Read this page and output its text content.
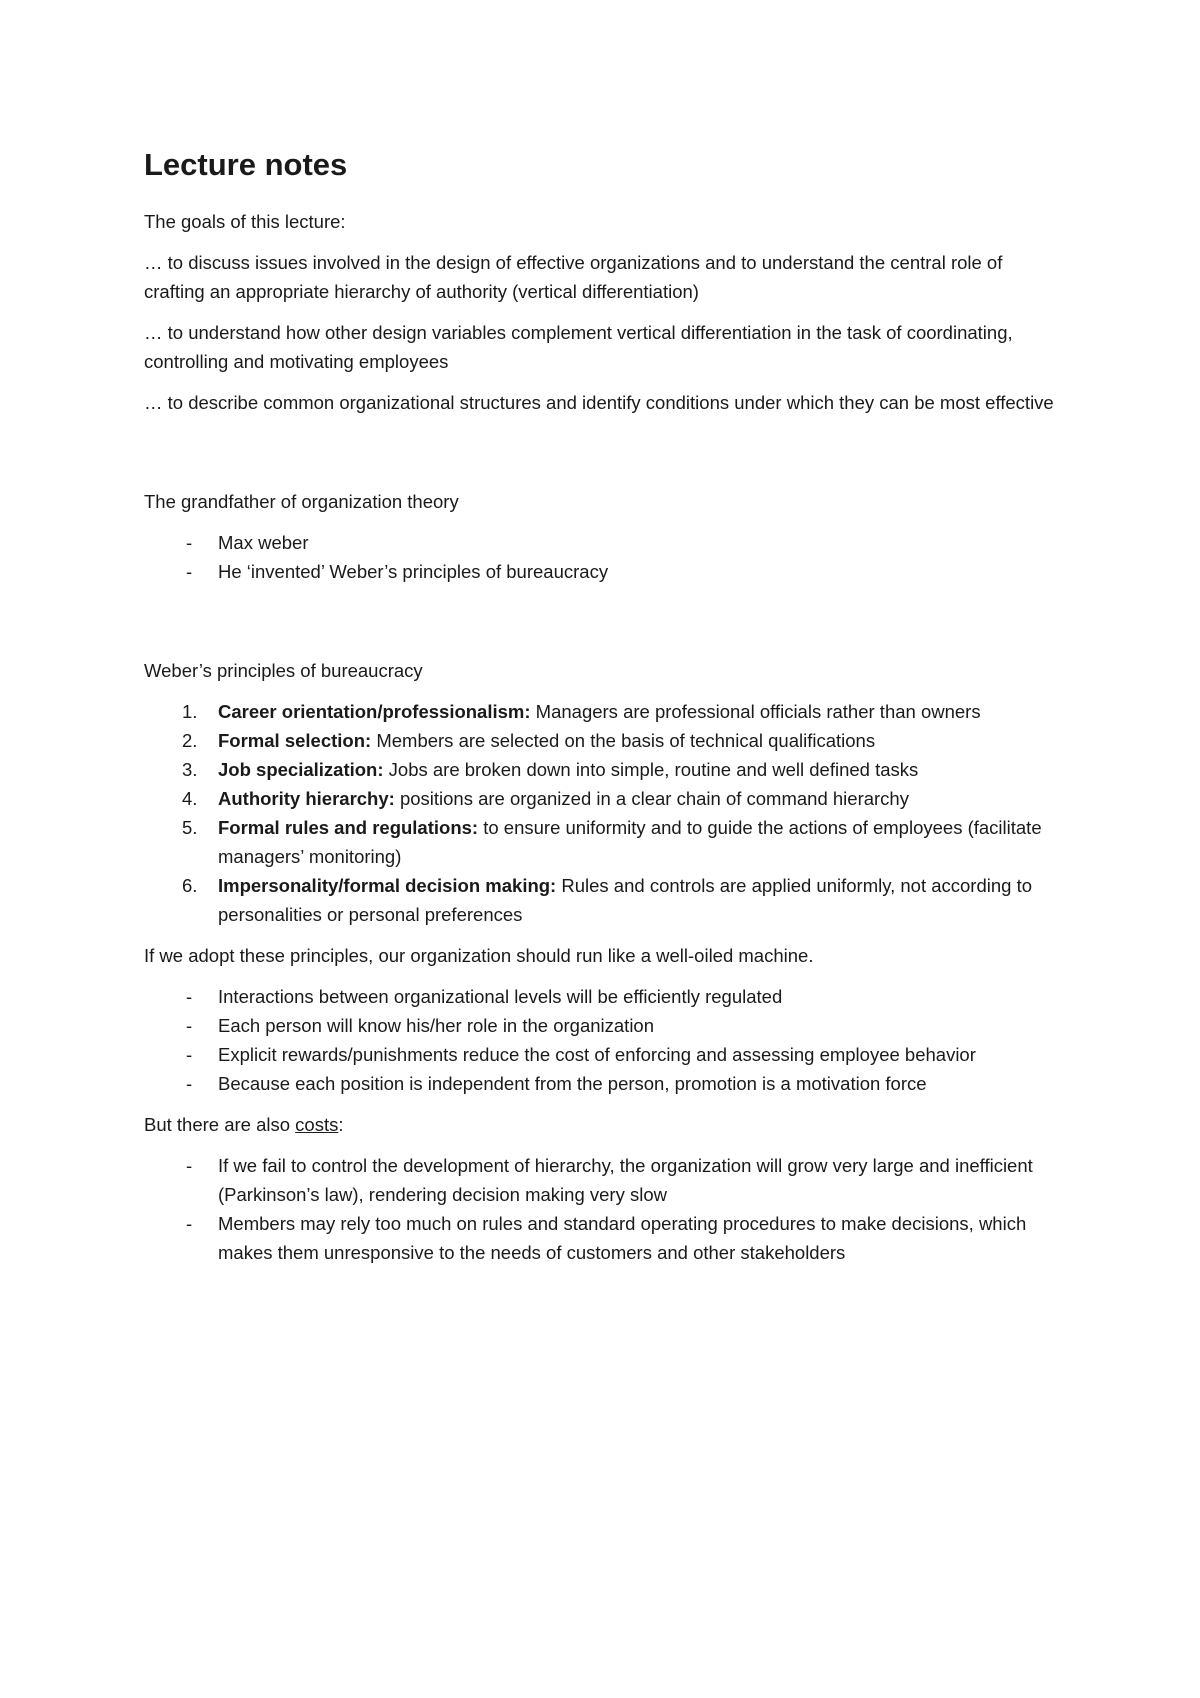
Lecture notes

The goals of this lecture:

… to discuss issues involved in the design of effective organizations and to understand the central role of crafting an appropriate hierarchy of authority (vertical differentiation)

… to understand how other design variables complement vertical differentiation in the task of coordinating, controlling and motivating employees

… to describe common organizational structures and identify conditions under which they can be most effective

The grandfather of organization theory

- Max weber
- He ‘invented’ Weber’s principles of bureaucracy

Weber’s principles of bureaucracy

1. Career orientation/professionalism: Managers are professional officials rather than owners
2. Formal selection: Members are selected on the basis of technical qualifications
3. Job specialization: Jobs are broken down into simple, routine and well defined tasks
4. Authority hierarchy: positions are organized in a clear chain of command hierarchy
5. Formal rules and regulations: to ensure uniformity and to guide the actions of employees (facilitate managers’ monitoring)
6. Impersonality/formal decision making: Rules and controls are applied uniformly, not according to personalities or personal preferences

If we adopt these principles, our organization should run like a well-oiled machine.

- Interactions between organizational levels will be efficiently regulated
- Each person will know his/her role in the organization
- Explicit rewards/punishments reduce the cost of enforcing and assessing employee behavior
- Because each position is independent from the person, promotion is a motivation force

But there are also costs:

- If we fail to control the development of hierarchy, the organization will grow very large and inefficient (Parkinson’s law), rendering decision making very slow
- Members may rely too much on rules and standard operating procedures to make decisions, which makes them unresponsive to the needs of customers and other stakeholders
